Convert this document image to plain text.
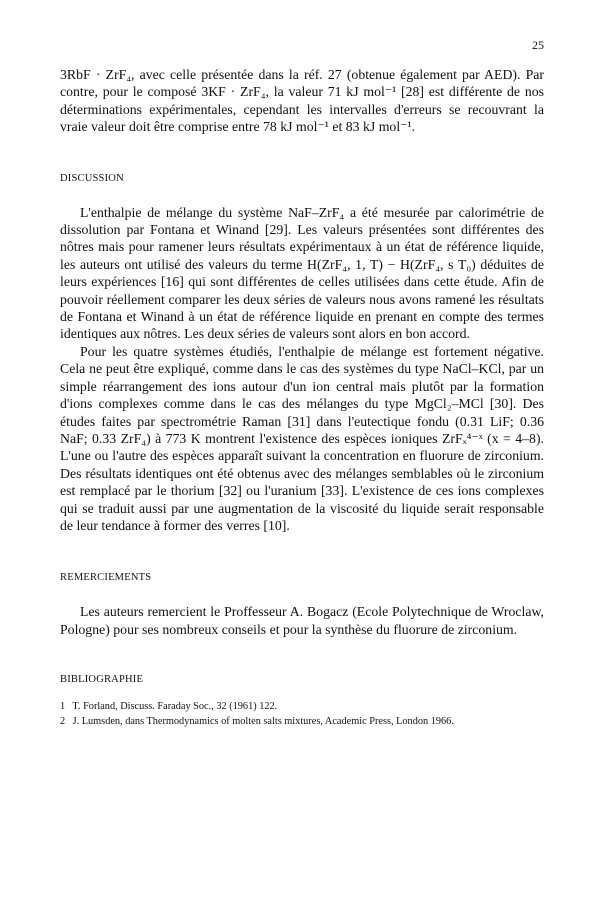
25

3RbF · ZrF₄, avec celle présentée dans la réf. 27 (obtenue également par AED). Par contre, pour le composé 3KF · ZrF₄, la valeur 71 kJ mol⁻¹ [28] est différente de nos déterminations expérimentales, cependant les intervalles d'erreurs se recouvrant la vraie valeur doit être comprise entre 78 kJ mol⁻¹ et 83 kJ mol⁻¹.

DISCUSSION

L'enthalpie de mélange du système NaF–ZrF₄ a été mesurée par calorimétrie de dissolution par Fontana et Winand [29]. Les valeurs présentées sont différentes des nôtres mais pour ramener leurs résultats expérimentaux à un état de référence liquide, les auteurs ont utilisé des valeurs du terme H(ZrF₄, 1, T) − H(ZrF₄, s T₀) déduites de leurs expériences [16] qui sont différentes de celles utilisées dans cette étude. Afin de pouvoir réellement comparer les deux séries de valeurs nous avons ramené les résultats de Fontana et Winand à un état de référence liquide en prenant en compte des termes identiques aux nôtres. Les deux séries de valeurs sont alors en bon accord.

Pour les quatre systèmes étudiés, l'enthalpie de mélange est fortement négative. Cela ne peut être expliqué, comme dans le cas des systèmes du type NaCl–KCl, par un simple réarrangement des ions autour d'un ion central mais plutôt par la formation d'ions complexes comme dans le cas des mélanges du type MgCl₂–MCl [30]. Des études faites par spectrométrie Raman [31] dans l'eutectique fondu (0.31 LiF; 0.36 NaF; 0.33 ZrF₄) à 773 K montrent l'existence des espèces ioniques ZrFₓ⁴⁻ˣ (x = 4–8). L'une ou l'autre des espèces apparaît suivant la concentration en fluorure de zirconium. Des résultats identiques ont été obtenus avec des mélanges semblables où le zirconium est remplacé par le thorium [32] ou l'uranium [33]. L'existence de ces ions complexes qui se traduit aussi par une augmentation de la viscosité du liquide serait responsable de leur tendance à former des verres [10].

REMERCIEMENTS

Les auteurs remercient le Proffesseur A. Bogacz (Ecole Polytechnique de Wroclaw, Pologne) pour ses nombreux conseils et pour la synthèse du fluorure de zirconium.

BIBLIOGRAPHIE
1 T. Forland, Discuss. Faraday Soc., 32 (1961) 122.
2 J. Lumsden, dans Thermodynamics of molten salts mixtures, Academic Press, London 1966.
